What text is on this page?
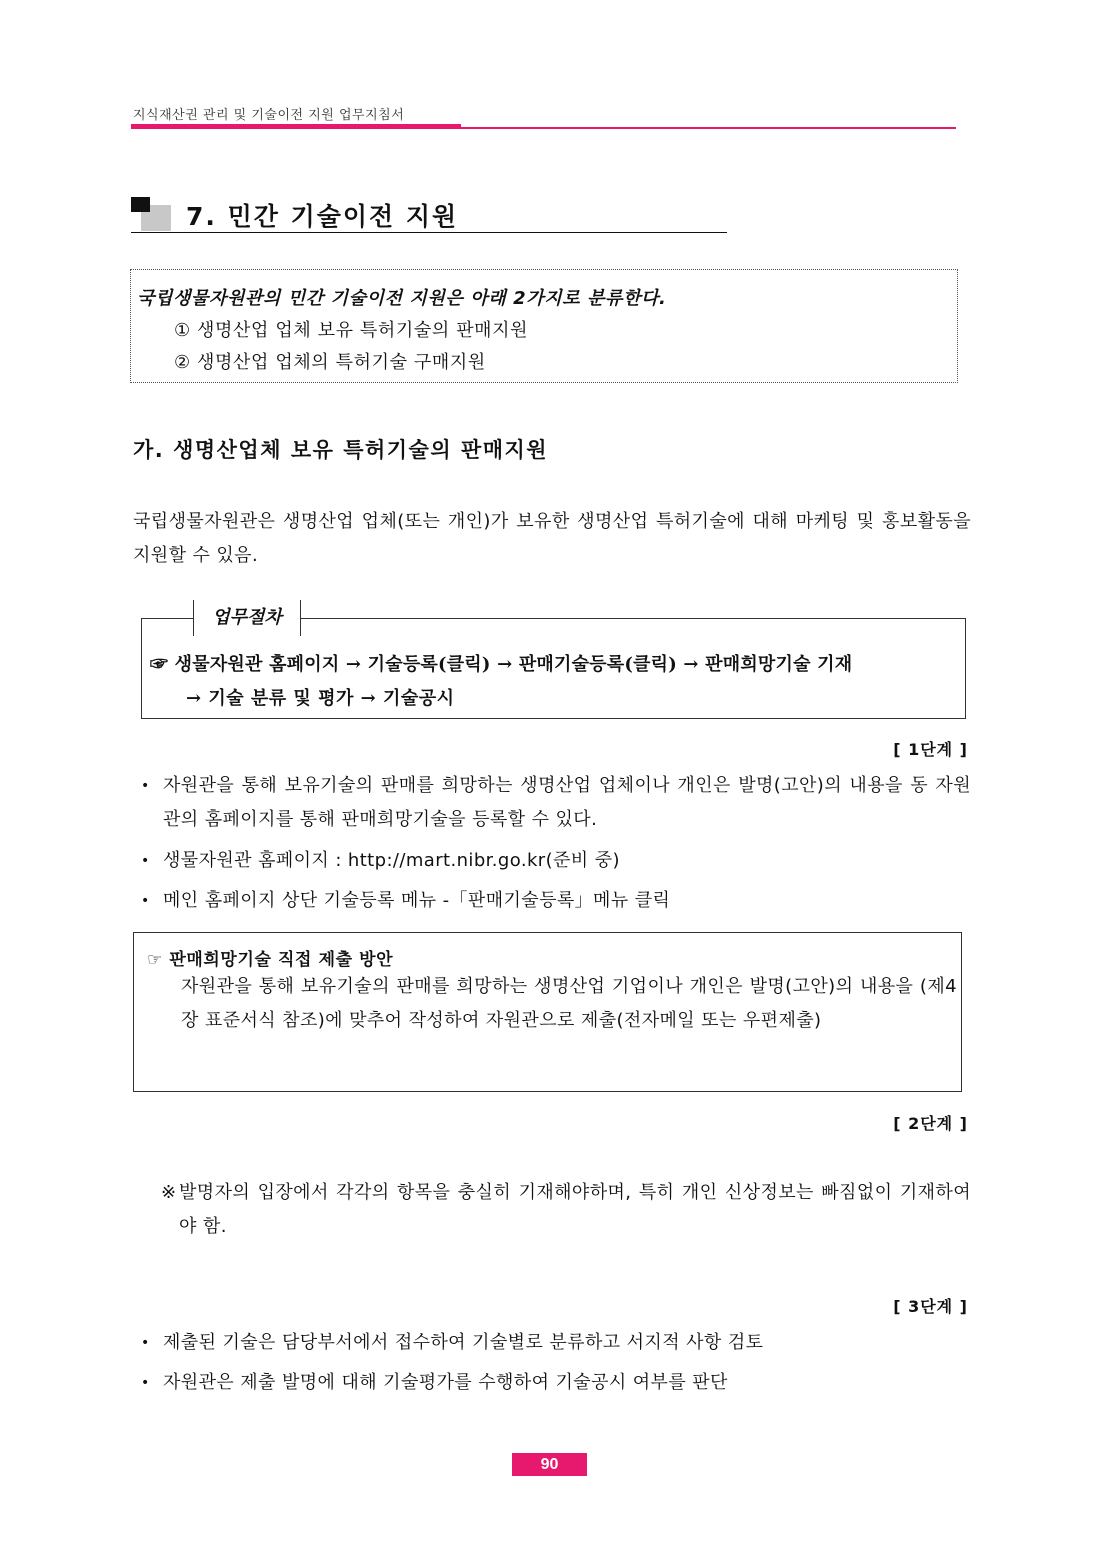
지식재산권 관리 및 기술이전 지원 업무지침서
7. 민간 기술이전 지원
국립생물자원관의 민간 기술이전 지원은 아래 2가지로 분류한다.
① 생명산업 업체 보유 특허기술의 판매지원
② 생명산업 업체의 특허기술 구매지원
가. 생명산업체 보유 특허기술의 판매지원
국립생물자원관은 생명산업 업체(또는 개인)가 보유한 생명산업 특허기술에 대해 마케팅 및 홍보활동을 지원할 수 있음.
업무절차
☞ 생물자원관 홈페이지 → 기술등록(클릭) → 판매기술등록(클릭) → 판매희망기술 기재
→ 기술 분류 및 평가 → 기술공시
[ 1단계 ]
• 자원관을 통해 보유기술의 판매를 희망하는 생명산업 업체이나 개인은 발명(고안)의 내용을 동 자원관의 홈페이지를 통해 판매희망기술을 등록할 수 있다.
• 생물자원관 홈페이지 : http://mart.nibr.go.kr(준비 중)
• 메인 홈페이지 상단 기술등록 메뉴 -「판매기술등록」메뉴 클릭
☞ 판매희망기술 직접 제출 방안
자원관을 통해 보유기술의 판매를 희망하는 생명산업 기업이나 개인은 발명(고안)의 내용을 (제4장 표준서식 참조)에 맞추어 작성하여 자원관으로 제출(전자메일 또는 우편제출)
[ 2단계 ]
※ 발명자의 입장에서 각각의 항목을 충실히 기재해야하며, 특히 개인 신상정보는 빠짐없이 기재하여야 함.
[ 3단계 ]
• 제출된 기술은 담당부서에서 접수하여 기술별로 분류하고 서지적 사항 검토
• 자원관은 제출 발명에 대해 기술평가를 수행하여 기술공시 여부를 판단
90
